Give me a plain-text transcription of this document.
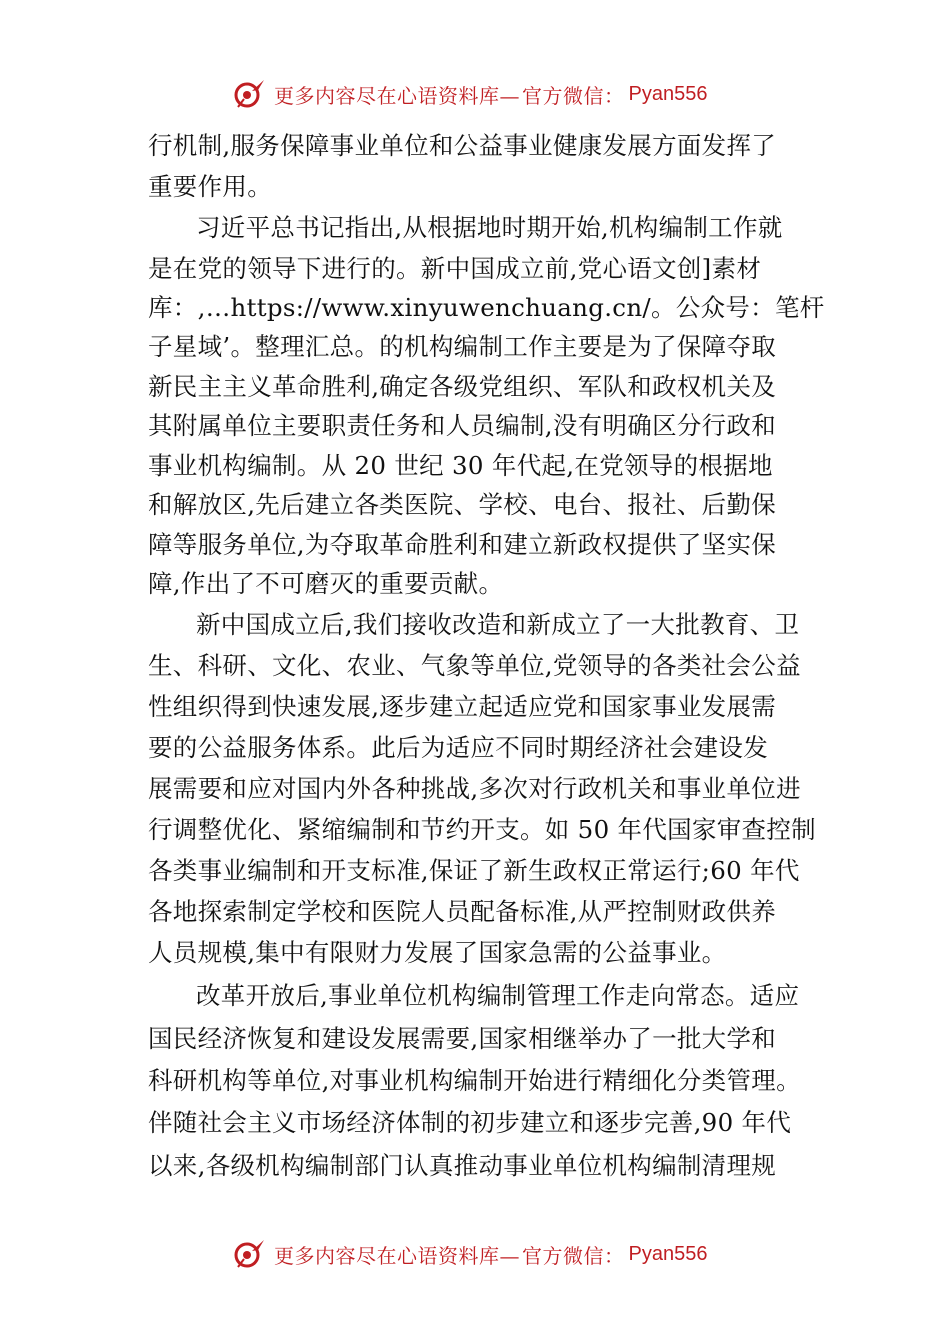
更多内容尽在心语资料库— 官方微信： Pyan556
行机制,服务保障事业单位和公益事业健康发展方面发挥了
重要作用。
习近平总书记指出,从根据地时期开始,机构编制工作就
是在党的领导下进行的。新中国成立前,党心语文创]素材
库：,…https://www.xinyuwenchuang.cn/。公众号：笔杆
子星域’。整理汇总。的机构编制工作主要是为了保障夺取
新民主主义革命胜利,确定各级党组织、军队和政权机关及
其附属单位主要职责任务和人员编制,没有明确区分行政和
事业机构编制。从 20 世纪 30 年代起,在党领导的根据地
和解放区,先后建立各类医院、学校、电台、报社、后勤保
障等服务单位,为夺取革命胜利和建立新政权提供了坚实保
障,作出了不可磨灭的重要贡献。
新中国成立后,我们接收改造和新成立了一大批教育、卫
生、科研、文化、农业、气象等单位,党领导的各类社会公益
性组织得到快速发展,逐步建立起适应党和国家事业发展需
要的公益服务体系。此后为适应不同时期经济社会建设发
展需要和应对国内外各种挑战,多次对行政机关和事业单位进
行调整优化、紧缩编制和节约开支。如 50 年代国家审查控制
各类事业编制和开支标准,保证了新生政权正常运行;60 年代
各地探索制定学校和医院人员配备标准,从严控制财政供养
人员规模,集中有限财力发展了国家急需的公益事业。
改革开放后,事业单位机构编制管理工作走向常态。适应
国民经济恢复和建设发展需要,国家相继举办了一批大学和
科研机构等单位,对事业机构编制开始进行精细化分类管理。
伴随社会主义市场经济体制的初步建立和逐步完善,90 年代
以来,各级机构编制部门认真推动事业单位机构编制清理规
更多内容尽在心语资料库— 官方微信： Pyan556
